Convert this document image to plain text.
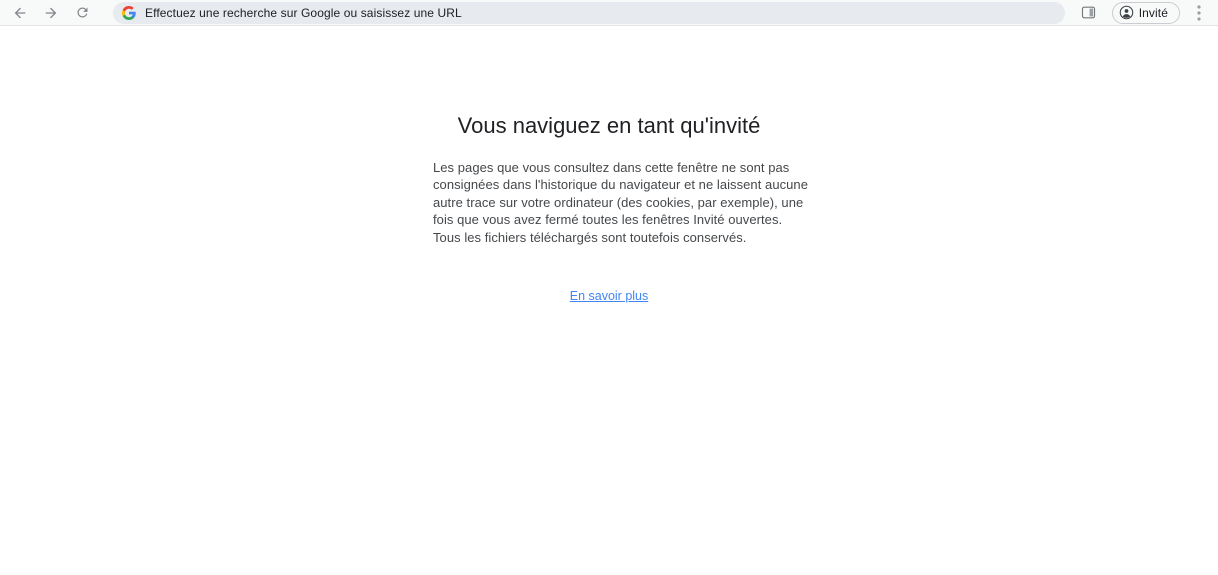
Effectuez une recherche sur Google ou saisissez une URL	Invité
Vous naviguez en tant qu'invité
Les pages que vous consultez dans cette fenêtre ne sont pas
consignées dans l'historique du navigateur et ne laissent aucune
autre trace sur votre ordinateur (des cookies, par exemple), une
fois que vous avez fermé toutes les fenêtres Invité ouvertes.
Tous les fichiers téléchargés sont toutefois conservés.
En savoir plus
